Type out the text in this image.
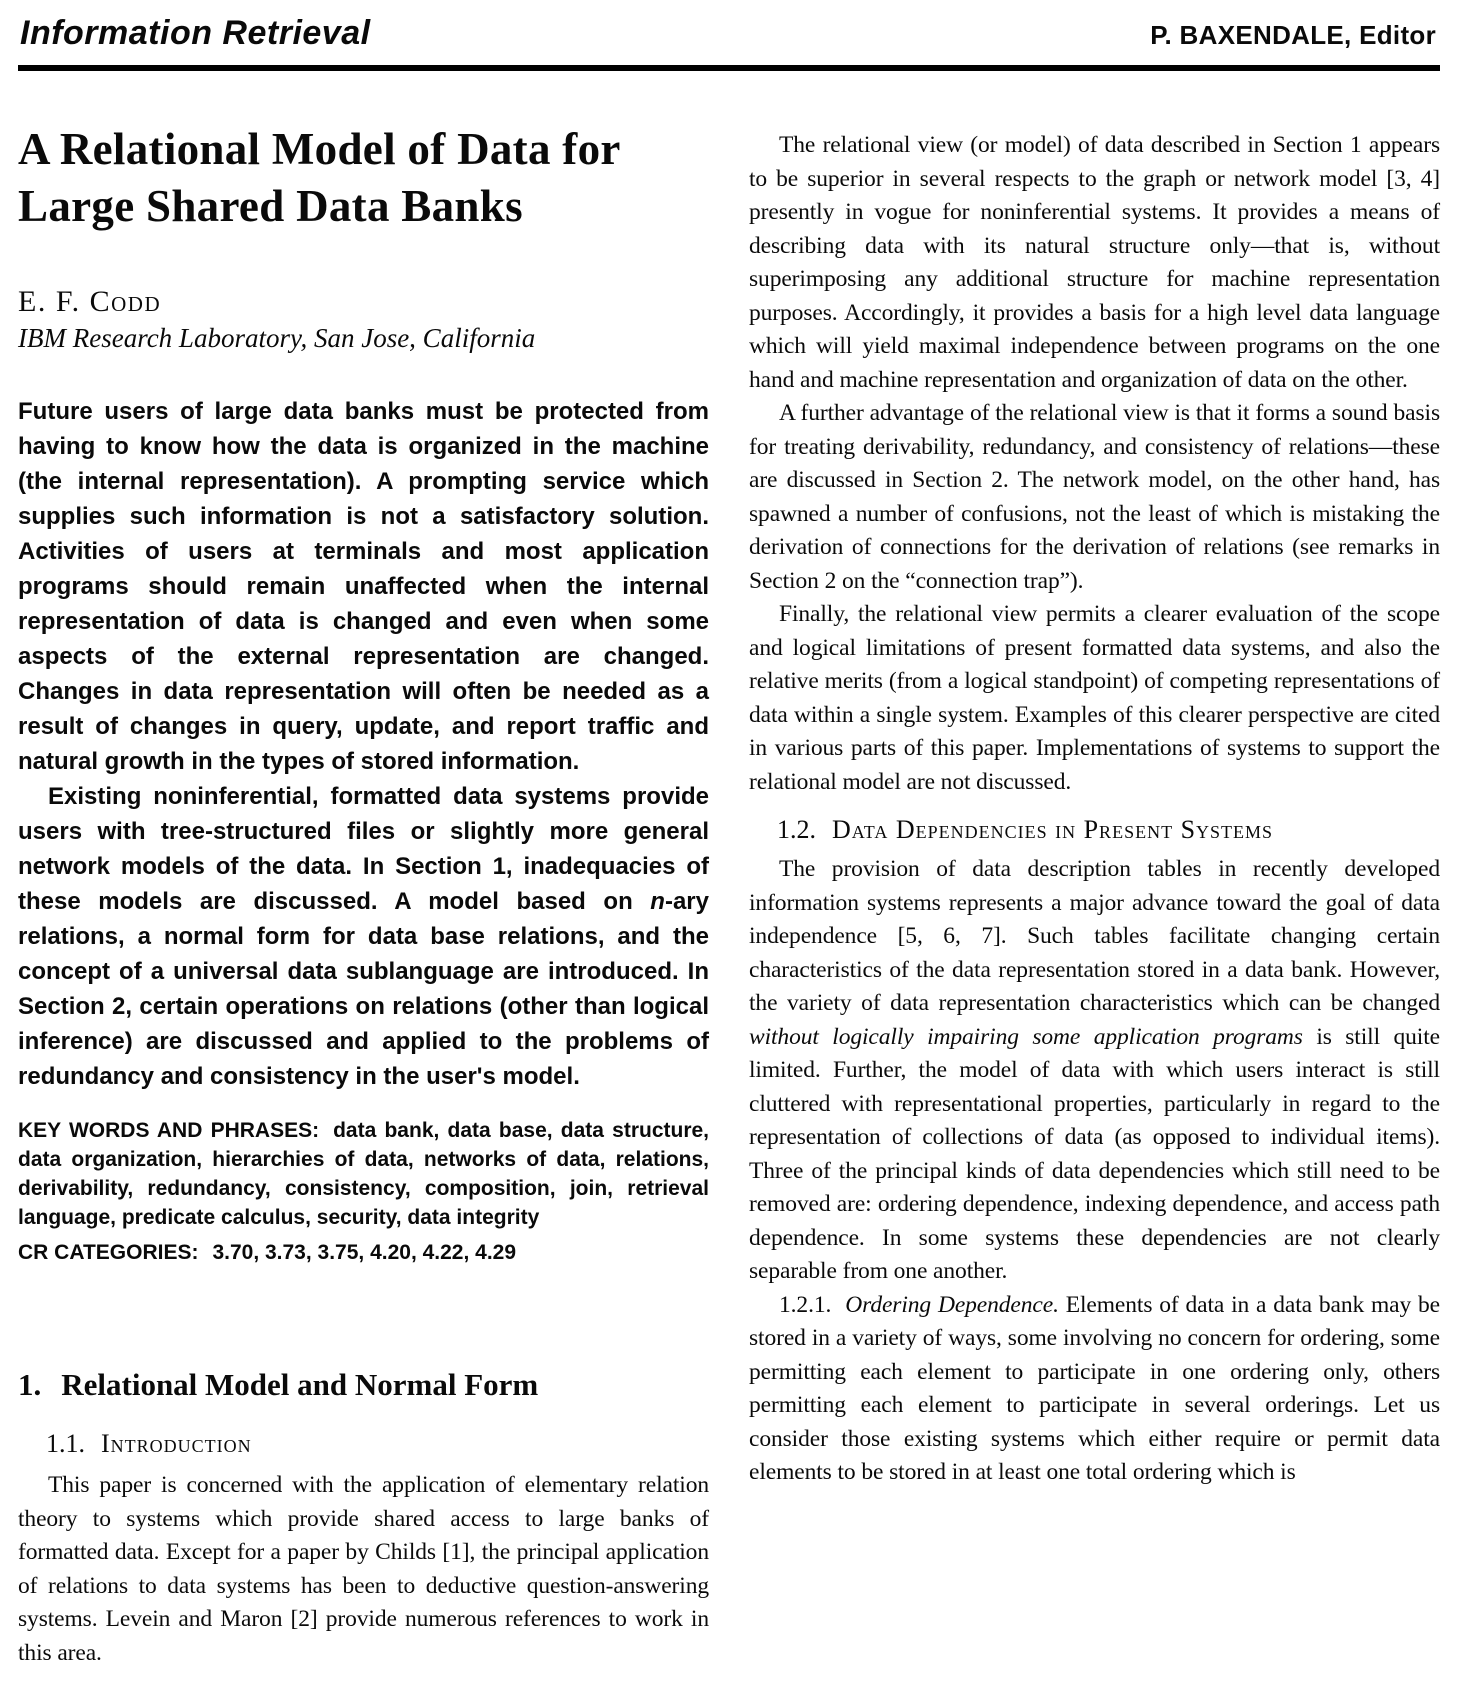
Information Retrieval	P. BAXENDALE, Editor
A Relational Model of Data for
Large Shared Data Banks
E. F. Codd
IBM Research Laboratory, San Jose, California

Future users of large data banks must be protected from having to know how the data is organized in the machine (the internal representation). A prompting service which supplies such information is not a satisfactory solution. Activities of users at terminals and most application programs should remain unaffected when the internal representation of data is changed and even when some aspects of the external representation are changed. Changes in data representation will often be needed as a result of changes in query, update, and report traffic and natural growth in the types of stored information.

Existing noninferential, formatted data systems provide users with tree-structured files or slightly more general network models of the data. In Section 1, inadequacies of these models are discussed. A model based on n-ary relations, a normal form for data base relations, and the concept of a universal data sublanguage are introduced. In Section 2, certain operations on relations (other than logical inference) are discussed and applied to the problems of redundancy and consistency in the user's model.

KEY WORDS AND PHRASES: data bank, data base, data structure, data organization, hierarchies of data, networks of data, relations, derivability, redundancy, consistency, composition, join, retrieval language, predicate calculus, security, data integrity
CR CATEGORIES: 3.70, 3.73, 3.75, 4.20, 4.22, 4.29
1. Relational Model and Normal Form
1.1. Introduction

This paper is concerned with the application of elementary relation theory to systems which provide shared access to large banks of formatted data. Except for a paper by Childs [1], the principal application of relations to data systems has been to deductive question-answering systems. Levein and Maron [2] provide numerous references to work in this area.

The relational view (or model) of data described in Section 1 appears to be superior in several respects to the graph or network model [3, 4] presently in vogue for noninferential systems. It provides a means of describing data with its natural structure only—that is, without superimposing any additional structure for machine representation purposes. Accordingly, it provides a basis for a high level data language which will yield maximal independence between programs on the one hand and machine representation and organization of data on the other.

A further advantage of the relational view is that it forms a sound basis for treating derivability, redundancy, and consistency of relations—these are discussed in Section 2. The network model, on the other hand, has spawned a number of confusions, not the least of which is mistaking the derivation of connections for the derivation of relations (see remarks in Section 2 on the “connection trap”).

Finally, the relational view permits a clearer evaluation of the scope and logical limitations of present formatted data systems, and also the relative merits (from a logical standpoint) of competing representations of data within a single system. Examples of this clearer perspective are cited in various parts of this paper. Implementations of systems to support the relational model are not discussed.

1.2. Data Dependencies in Present Systems

The provision of data description tables in recently developed information systems represents a major advance toward the goal of data independence [5, 6, 7]. Such tables facilitate changing certain characteristics of the data representation stored in a data bank. However, the variety of data representation characteristics which can be changed without logically impairing some application programs is still quite limited. Further, the model of data with which users interact is still cluttered with representational properties, particularly in regard to the representation of collections of data (as opposed to individual items). Three of the principal kinds of data dependencies which still need to be removed are: ordering dependence, indexing dependence, and access path dependence. In some systems these dependencies are not clearly separable from one another.

1.2.1. Ordering Dependence. Elements of data in a data bank may be stored in a variety of ways, some involving no concern for ordering, some permitting each element to participate in one ordering only, others permitting each element to participate in several orderings. Let us consider those existing systems which either require or permit data elements to be stored in at least one total ordering which is
